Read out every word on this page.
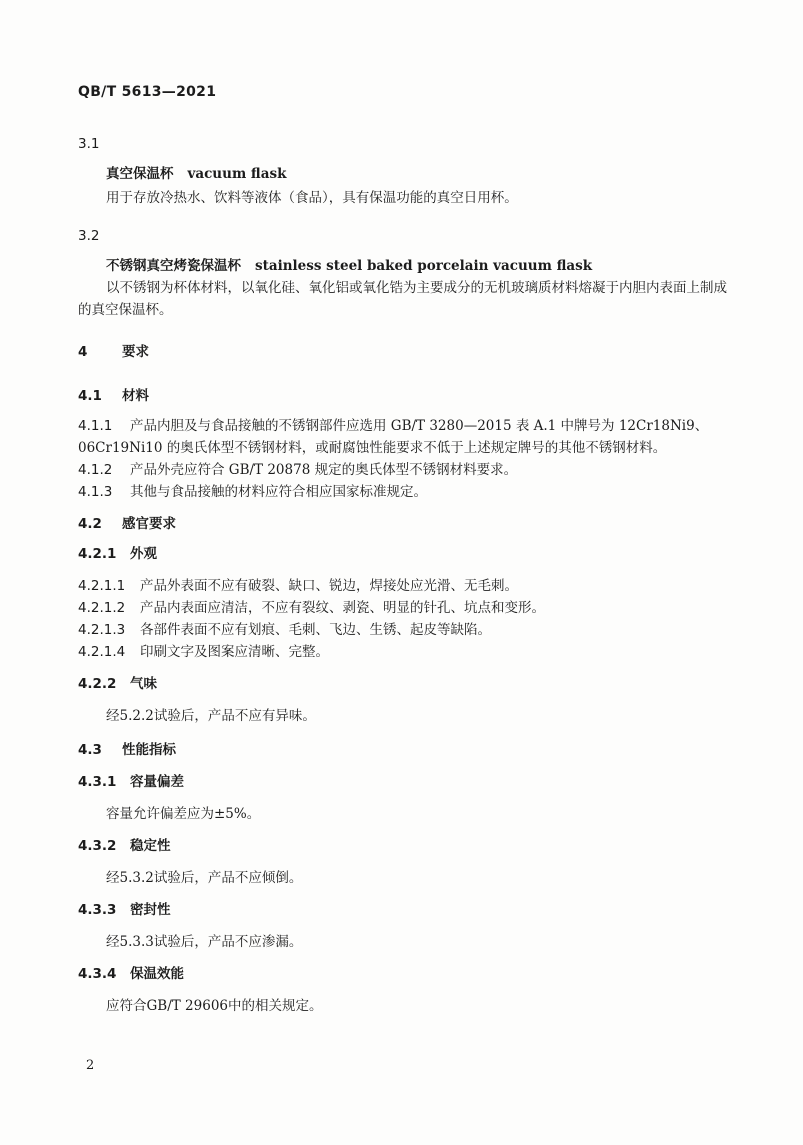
QB/T 5613—2021
3.1
真空保温杯 vacuum flask
用于存放冷热水、饮料等液体（食品），具有保温功能的真空日用杯。
3.2
不锈钢真空烤瓷保温杯 stainless steel baked porcelain vacuum flask
以不锈钢为杯体材料，以氧化硅、氧化铝或氧化锆为主要成分的无机玻璃质材料熔凝于内胆内表面上制成的真空保温杯。
4	要求
4.1 材料
4.1.1 产品内胆及与食品接触的不锈钢部件应选用 GB/T 3280—2015 表 A.1 中牌号为 12Cr18Ni9、
06Cr19Ni10 的奥氏体型不锈钢材料，或耐腐蚀性能要求不低于上述规定牌号的其他不锈钢材料。
4.1.2 产品外壳应符合 GB/T 20878 规定的奥氏体型不锈钢材料要求。
4.1.3 其他与食品接触的材料应符合相应国家标准规定。
4.2 感官要求
4.2.1 外观
4.2.1.1 产品外表面不应有破裂、缺口、锐边，焊接处应光滑、无毛刺。
4.2.1.2 产品内表面应清洁，不应有裂纹、剥瓷、明显的针孔、坑点和变形。
4.2.1.3 各部件表面不应有划痕、毛刺、飞边、生锈、起皮等缺陷。
4.2.1.4 印刷文字及图案应清晰、完整。
4.2.2 气味
经5.2.2试验后，产品不应有异味。
4.3 性能指标
4.3.1 容量偏差
容量允许偏差应为±5%。
4.3.2 稳定性
经5.3.2试验后，产品不应倾倒。
4.3.3 密封性
经5.3.3试验后，产品不应渗漏。
4.3.4 保温效能
应符合GB/T 29606中的相关规定。
2
